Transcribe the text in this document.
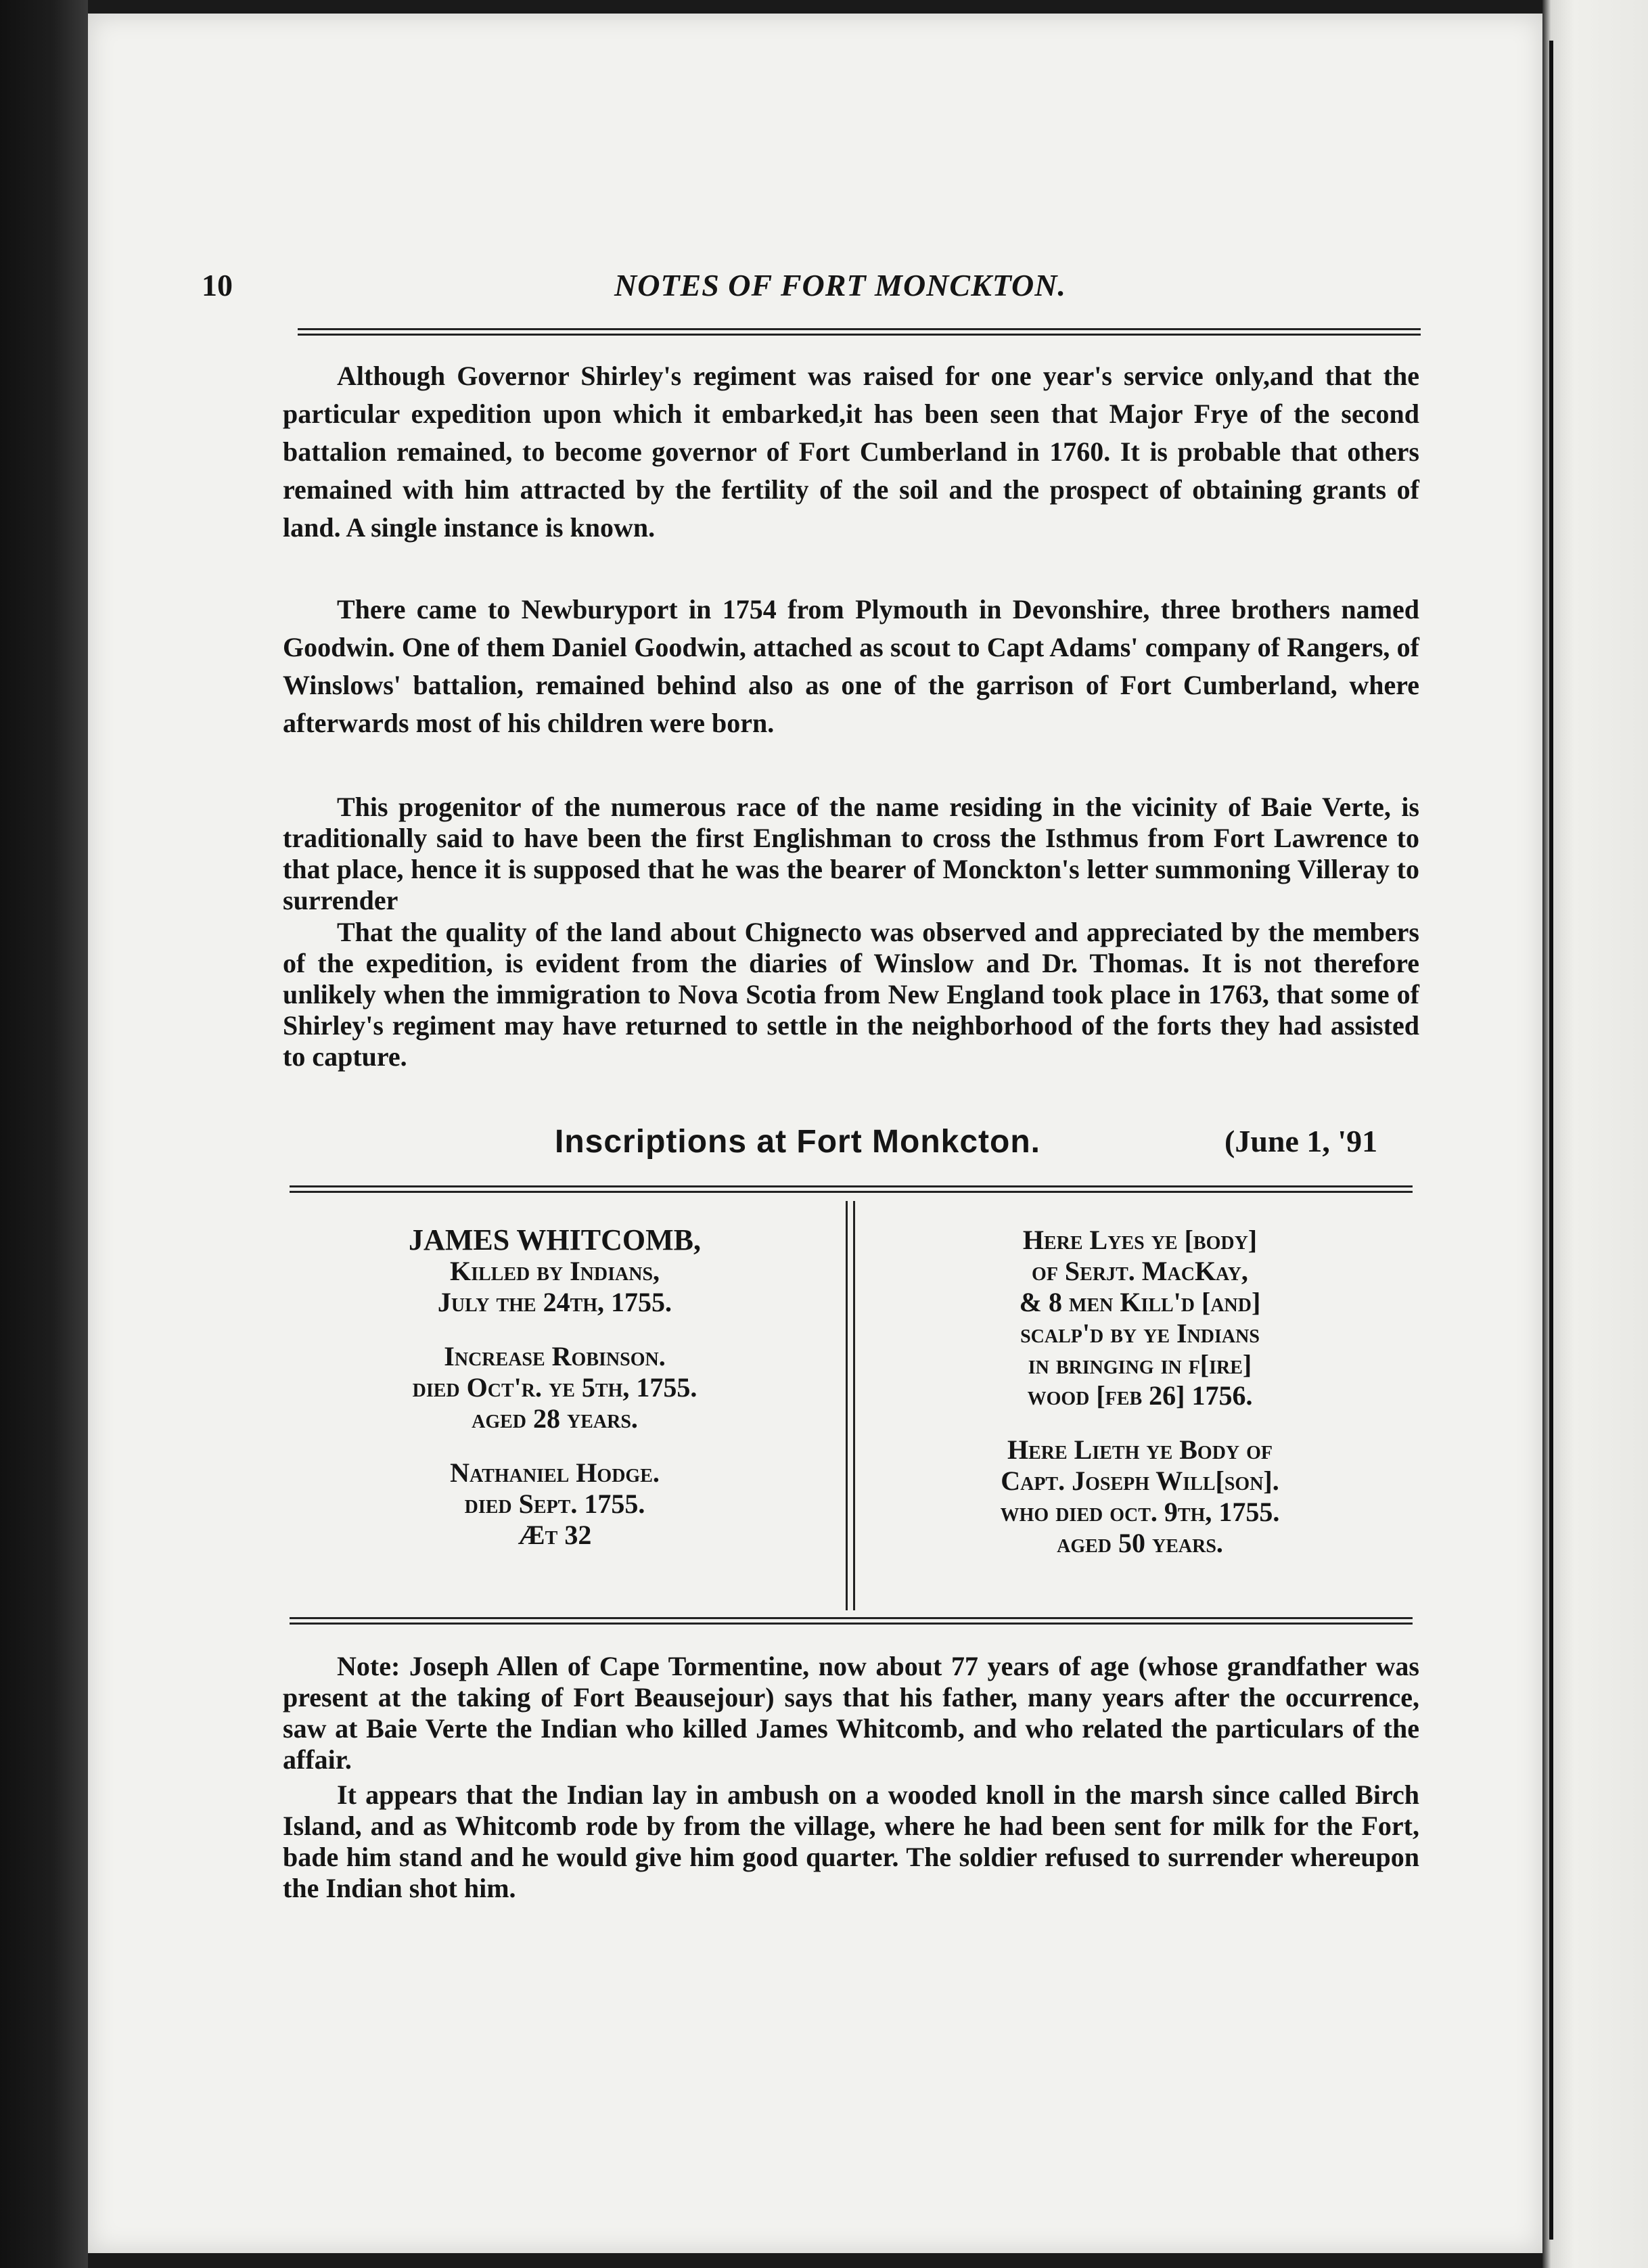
10	NOTES OF FORT MONCKTON.

Although Governor Shirley's regiment was raised for one year's service only,and that the particular expedition upon which it embarked,it has been seen that Major Frye of the second battalion remained, to become governor of Fort Cumberland in 1760. It is probable that others remained with him attracted by the fertility of the soil and the prospect of obtaining grants of land. A single instance is known.

There came to Newburyport in 1754 from Plymouth in Devonshire, three brothers named Goodwin. One of them Daniel Goodwin, attached as scout to Capt Adams' company of Rangers, of Winslows' battalion, remained behind also as one of the garrison of Fort Cumberland, where afterwards most of his children were born.

This progenitor of the numerous race of the name residing in the vicinity of Baie Verte, is traditionally said to have been the first Englishman to cross the Isthmus from Fort Lawrence to that place, hence it is supposed that he was the bearer of Monckton's letter summoning Villeray to surrender

That the quality of the land about Chignecto was observed and appreciated by the members of the expedition, is evident from the diaries of Winslow and Dr. Thomas. It is not therefore unlikely when the immigration to Nova Scotia from New England took place in 1763, that some of Shirley's regiment may have returned to settle in the neighborhood of the forts they had assisted to capture.

Inscriptions at Fort Monkcton.	(June 1, '91
JAMES WHITCOMB,
Killed by Indians,
July the 24th, 1755.
Increase Robinson.
died Oct'r. ye 5th, 1755.
aged 28 years.
Nathaniel Hodge.
died Sept. 1755.
Æt 32
Here Lyes ye [body]
of Serjt. MacKay,
& 8 men Kill'd [and]
scalp'd by ye Indians
in bringing in f[ire]
wood [feb 26] 1756.
Here Lieth ye Body of
Capt. Joseph Will[son].
who died oct. 9th, 1755.
aged 50 years.

Note: Joseph Allen of Cape Tormentine, now about 77 years of age (whose grandfather was present at the taking of Fort Beausejour) says that his father, many years after the occurrence, saw at Baie Verte the Indian who killed James Whitcomb, and who related the particulars of the affair.

It appears that the Indian lay in ambush on a wooded knoll in the marsh since called Birch Island, and as Whitcomb rode by from the village, where he had been sent for milk for the Fort, bade him stand and he would give him good quarter. The soldier refused to surrender whereupon the Indian shot him.
